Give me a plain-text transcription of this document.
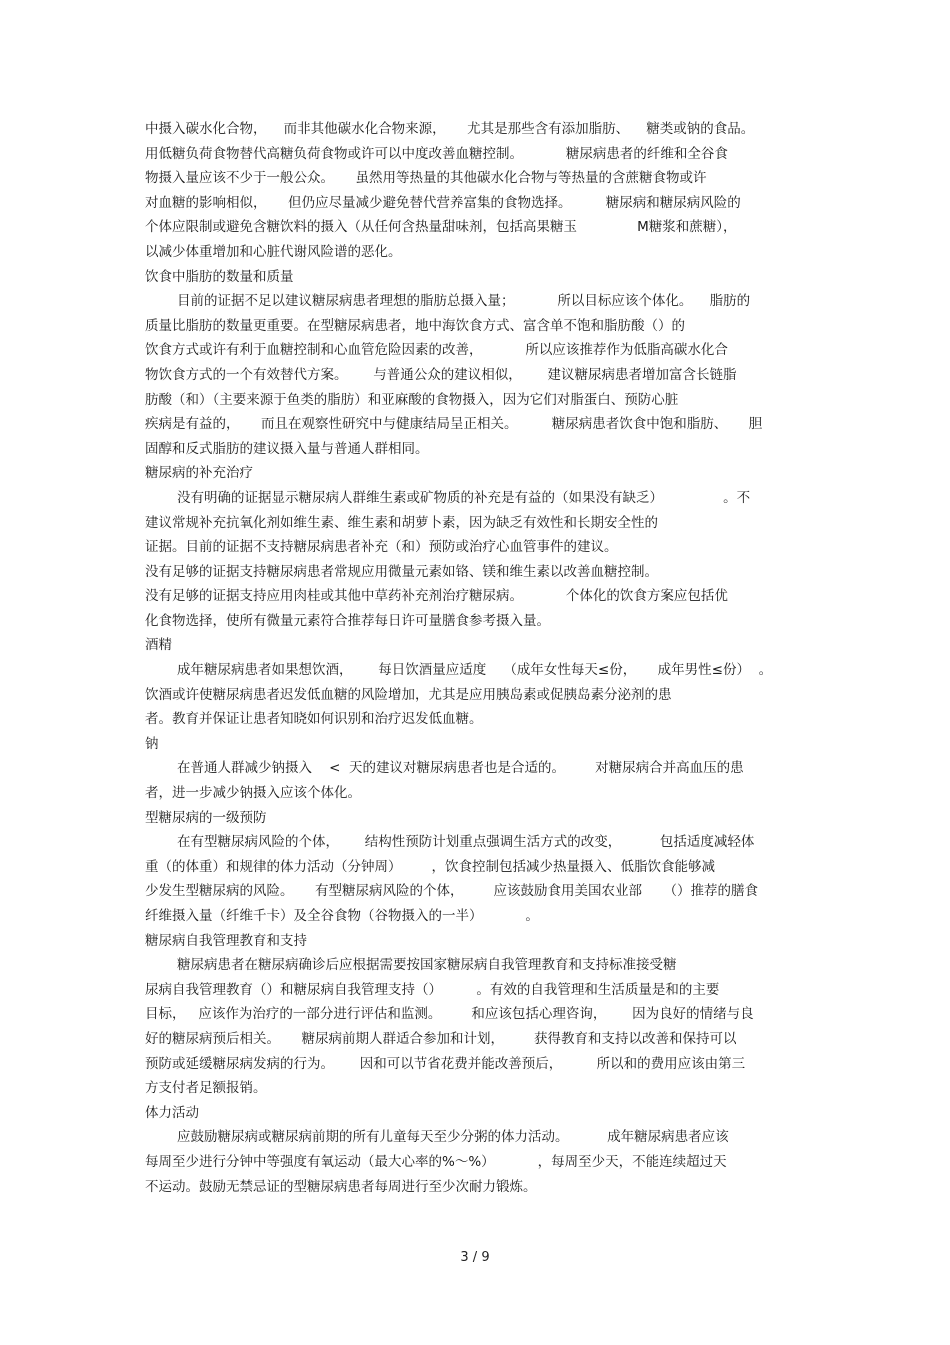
中摄入碳水化合物，    而非其他碳水化合物来源，     尤其是那些含有添加脂肪、    糖类或钠的食品。
用低糖负荷食物替代高糖负荷食物或许可以中度改善血糖控制。          糖尿病患者的纤维和全谷食
物摄入量应该不少于一般公众。     虽然用等热量的其他碳水化合物与等热量的含蔗糖食物或许
对血糖的影响相似，     但仍应尽量减少避免替代营养富集的食物选择。        糖尿病和糖尿病风险的
个体应限制或避免含糖饮料的摄入（从任何含热量甜味剂，包括高果糖玉              M糖浆和蔗糖），
以减少体重增加和心脏代谢风险谱的恶化。
饮食中脂肪的数量和质量
目前的证据不足以建议糖尿病患者理想的脂肪总摄入量；          所以目标应该个体化。    脂肪的
质量比脂肪的数量更重要。在型糖尿病患者，地中海饮食方式、富含单不饱和脂肪酸（）的
饮食方式或许有利于血糖控制和心血管危险因素的改善，          所以应该推荐作为低脂高碳水化合
物饮食方式的一个有效替代方案。      与普通公众的建议相似，      建议糖尿病患者增加富含长链脂
肪酸（和）（主要来源于鱼类的脂肪）和亚麻酸的食物摄入，因为它们对脂蛋白、预防心脏
疾病是有益的，     而且在观察性研究中与健康结局呈正相关。        糖尿病患者饮食中饱和脂肪、     胆
固醇和反式脂肪的建议摄入量与普通人群相同。
糖尿病的补充治疗
没有明确的证据显示糖尿病人群维生素或矿物质的补充是有益的（如果没有缺乏）              。不
建议常规补充抗氧化剂如维生素、维生素和胡萝卜素，因为缺乏有效性和长期安全性的
证据。目前的证据不支持糖尿病患者补充（和）预防或治疗心血管事件的建议。
没有足够的证据支持糖尿病患者常规应用微量元素如铬、镁和维生素以改善血糖控制。
没有足够的证据支持应用肉桂或其他中草药补充剂治疗糖尿病。          个体化的饮食方案应包括优
化食物选择，使所有微量元素符合推荐每日许可量膳食参考摄入量。
酒精
成年糖尿病患者如果想饮酒，      每日饮酒量应适度    （成年女性每天≤份，     成年男性≤份）  。
饮酒或许使糖尿病患者迟发低血糖的风险增加，尤其是应用胰岛素或促胰岛素分泌剂的患
者。教育并保证让患者知晓如何识别和治疗迟发低血糖。
钠
在普通人群减少钠摄入    <  天的建议对糖尿病患者也是合适的。       对糖尿病合并高血压的患
者，进一步减少钠摄入应该个体化。
型糖尿病的一级预防
在有型糖尿病风险的个体，      结构性预防计划重点强调生活方式的改变，         包括适度减轻体
重（的体重）和规律的体力活动（分钟周）       ，饮食控制包括减少热量摄入、低脂饮食能够减
少发生型糖尿病的风险。     有型糖尿病风险的个体，       应该鼓励食用美国农业部     （）推荐的膳食
纤维摄入量（纤维千卡）及全谷食物（谷物摄入的一半）          。
糖尿病自我管理教育和支持
糖尿病患者在糖尿病确诊后应根据需要按国家糖尿病自我管理教育和支持标准接受糖
尿病自我管理教育（）和糖尿病自我管理支持（）        。有效的自我管理和生活质量是和的主要
目标，   应该作为治疗的一部分进行评估和监测。       和应该包括心理咨询，      因为良好的情绪与良
好的糖尿病预后相关。     糖尿病前期人群适合参加和计划，       获得教育和支持以改善和保持可以
预防或延缓糖尿病发病的行为。      因和可以节省花费并能改善预后，        所以和的费用应该由第三
方支付者足额报销。
体力活动
应鼓励糖尿病或糖尿病前期的所有儿童每天至少分粥的体力活动。         成年糖尿病患者应该
每周至少进行分钟中等强度有氧运动（最大心率的%～%）          ，每周至少天，不能连续超过天
不运动。鼓励无禁忌证的型糖尿病患者每周进行至少次耐力锻炼。
3 / 9
